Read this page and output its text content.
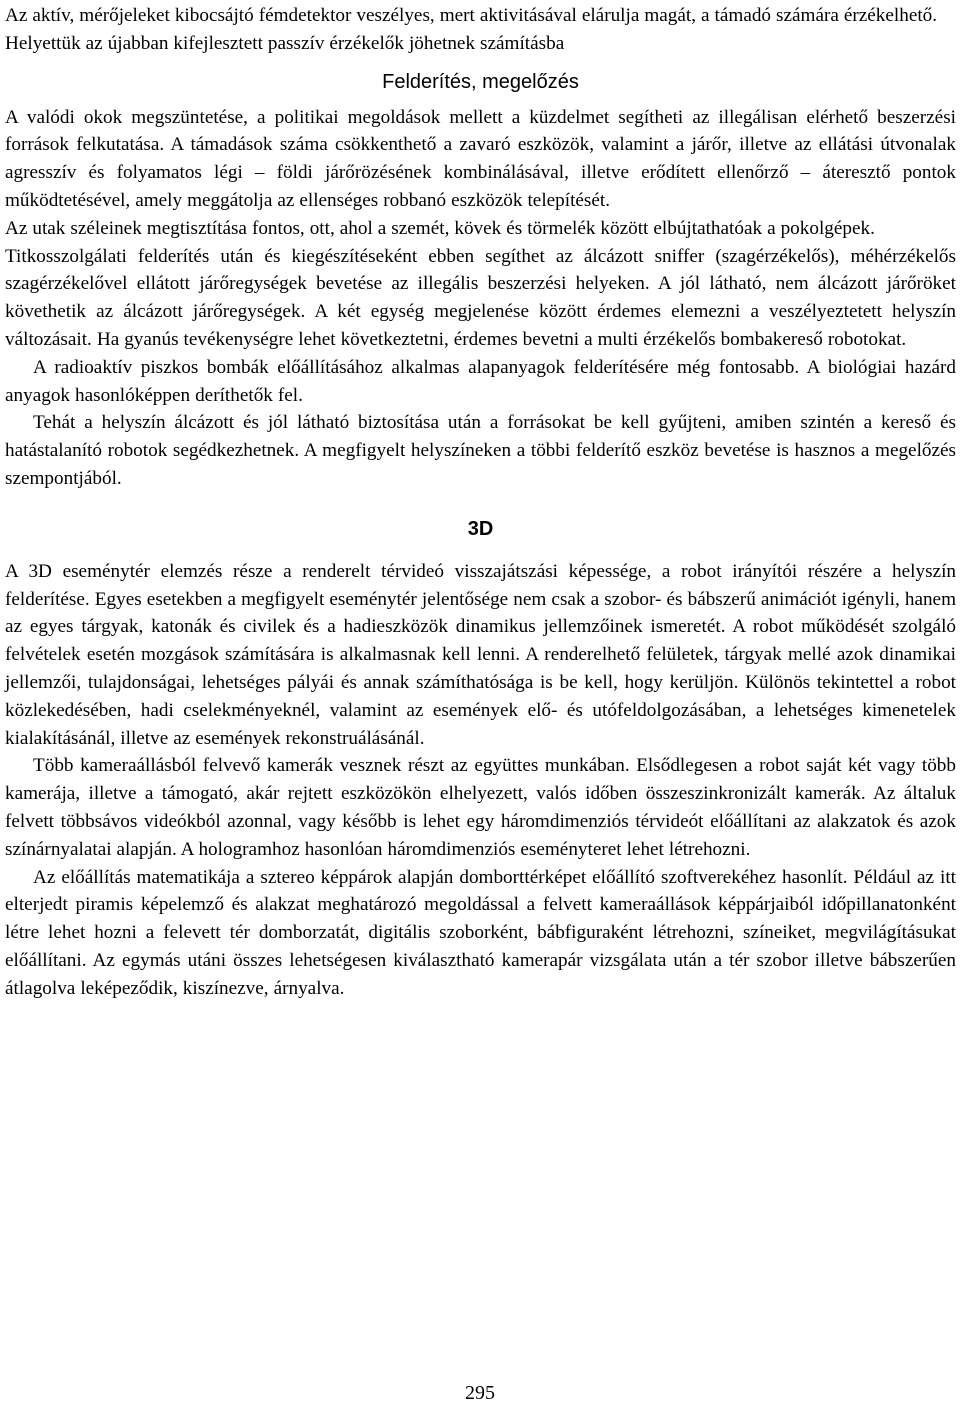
Az aktív, mérőjeleket kibocsájtó fémdetektor veszélyes, mert aktivitásával elárulja magát, a támadó számára érzékelhető.

Helyettük az újabban kifejlesztett passzív érzékelők jöhetnek számításba

Felderítés, megelőzés

A valódi okok megszüntetése, a politikai megoldások mellett a küzdelmet segítheti az illegálisan elérhető beszerzési források felkutatása. A támadások száma csökkenthető a zavaró eszközök, valamint a járőr, illetve az ellátási útvonalak agresszív és folyamatos légi – földi járőrözésének kombinálásával, illetve erődített ellenőrző – áteresztő pontok működtetésével, amely meggátolja az ellenséges robbanó eszközök telepítését.

Az utak széleinek megtisztítása fontos, ott, ahol a szemét, kövek és törmelék között elbújtathatóak a pokolgépek.

Titkosszolgálati felderítés után és kiegészítéseként ebben segíthet az álcázott sniffer (szagérzékelős), méhérzékelős szagérzékelővel ellátott járőregységek bevetése az illegális beszerzési helyeken. A jól látható, nem álcázott járőröket követhetik az álcázott járőregységek. A két egység megjelenése között érdemes elemezni a veszélyeztetett helyszín változásait. Ha gyanús tevékenységre lehet következtetni, érdemes bevetni a multi érzékelős bombakereső robotokat.

A radioaktív piszkos bombák előállításához alkalmas alapanyagok felderítésére még fontosabb. A biológiai hazárd anyagok hasonlóképpen deríthetők fel.

Tehát a helyszín álcázott és jól látható biztosítása után a forrásokat be kell gyűjteni, amiben szintén a kereső és hatástalanító robotok segédkezhetnek. A megfigyelt helyszíneken a többi felderítő eszköz bevetése is hasznos a megelőzés szempontjából.

3D

A 3D eseménytér elemzés része a renderelt térvideó visszajátszási képessége, a robot irányítói részére a helyszín felderítése. Egyes esetekben a megfigyelt eseménytér jelentősége nem csak a szobor- és bábszerű animációt igényli, hanem az egyes tárgyak, katonák és civilek és a hadieszközök dinamikus jellemzőinek ismeretét. A robot működését szolgáló felvételek esetén mozgások számítására is alkalmasnak kell lenni. A renderelhető felületek, tárgyak mellé azok dinamikai jellemzői, tulajdonságai, lehetséges pályái és annak számíthatósága is be kell, hogy kerüljön. Különös tekintettel a robot közlekedésében, hadi cselekményeknél, valamint az események elő- és utófeldolgozásában, a lehetséges kimenetelek kialakításánál, illetve az események rekonstruálásánál.

Több kameraállásból felvevő kamerák vesznek részt az együttes munkában. Elsődlegesen a robot saját két vagy több kamerája, illetve a támogató, akár rejtett eszközökön elhelyezett, valós időben összeszinkronizált kamerák. Az általuk felvett többsávos videókból azonnal, vagy később is lehet egy háromdimenziós térvideót előállítani az alakzatok és azok színárnyalatai alapján. A hologramhoz hasonlóan háromdimenziós eseményteret lehet létrehozni.

Az előállítás matematikája a sztereo képpárok alapján domborttérképet előállító szoftverekéhez hasonlít. Például az itt elterjedt piramis képelemző és alakzat meghatározó megoldással a felvett kameraállások képpárjaiból időpillanatonként létre lehet hozni a felevett tér domborzatát, digitális szoborként, bábfiguraként létrehozni, színeiket, megvilágításukat előállítani. Az egymás utáni összes lehetségesen kiválasztható kamerapár vizsgálata után a tér szobor illetve bábszerűen átlagolva leképeződik, kiszínezve, árnyalva.

295
